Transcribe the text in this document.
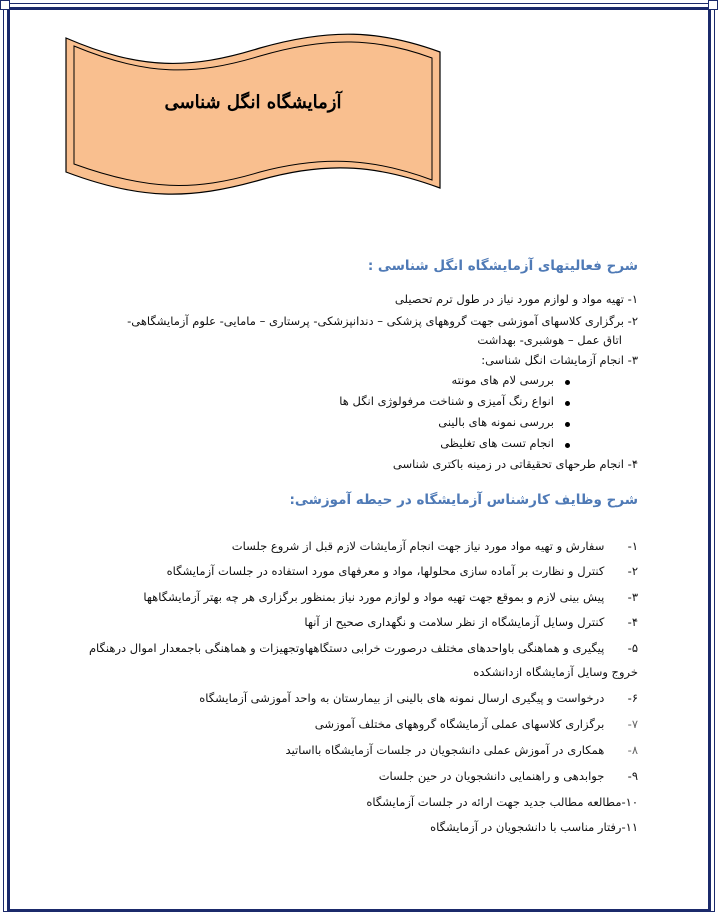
آزمایشگاه انگل شناسی
شرح فعالیتهای آزمایشگاه انگل شناسی :
۱- تهیه مواد و لوازم مورد نیاز در طول ترم تحصیلی
۲- برگزاری کلاسهای آموزشی جهت گروههای پزشکی – دندانپزشکی- پرستاری – مامایی- علوم آزمایشگاهی-
اتاق عمل – هوشبری- بهداشت
۳- انجام آزمایشات انگل شناسی:
بررسی لام های مونته
انواع رنگ آمیزی و شناخت مرفولوژی انگل ها
بررسی نمونه های بالینی
انجام تست های تغلیظی
۴- انجام طرحهای تحقیقاتی در زمینه باکتری شناسی
شرح وظایف کارشناس آزمایشگاه در حیطه آموزشی:
۱- سفارش و تهیه مواد مورد نیاز جهت انجام آزمایشات لازم قبل از شروع جلسات
۲- کنترل و نظارت بر آماده سازی محلولها، مواد و معرفهای مورد استفاده در جلسات آزمایشگاه
۳- پیش بینی لازم و بموقع جهت تهیه مواد و لوازم مورد نیاز بمنظور برگزاری هر چه بهتر آزمایشگاهها
۴- کنترل وسایل آزمایشگاه از نظر سلامت و نگهداری صحیح از آنها
۵- پیگیری و هماهنگی باواحدهای مختلف درصورت خرابی دستگاههاوتجهیزات و هماهنگی باجمعدار اموال درهنگام
خروج وسایل آزمایشگاه ازدانشکده
۶- درخواست و پیگیری ارسال نمونه های بالینی از بیمارستان به واحد آموزشی آزمایشگاه
۷- برگزاری کلاسهای عملی آزمایشگاه گروههای مختلف آموزشی
۸- همکاری در آموزش عملی دانشجویان در جلسات آزمایشگاه بااساتید
۹- جوابدهی و راهنمایی دانشجویان در حین جلسات
۱۰-مطالعه مطالب جدید جهت ارائه در جلسات آزمایشگاه
۱۱-رفتار مناسب با دانشجویان در آزمایشگاه
